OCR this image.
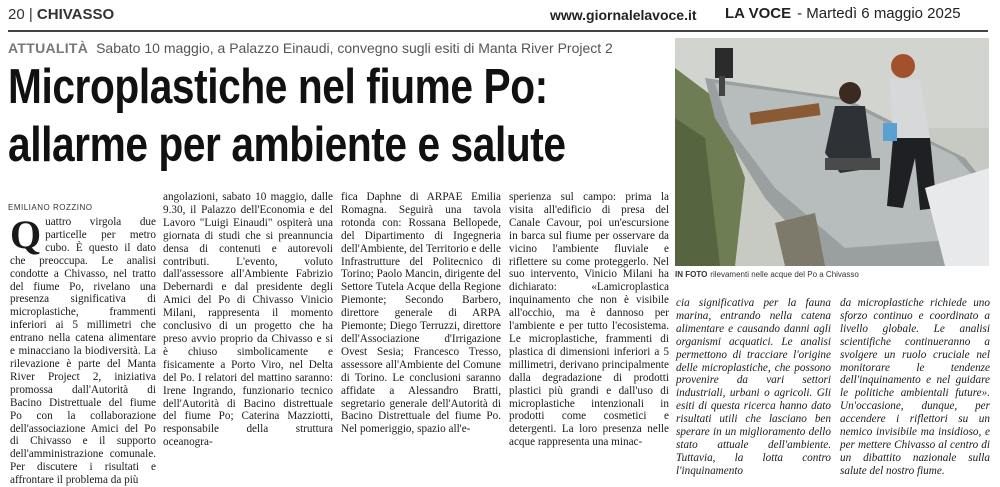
20 | CHIVASSO	www.giornalelavoce.it LA VOCE - Martedì 6 maggio 2025
ATTUALITÀ Sabato 10 maggio, a Palazzo Einaudi, convegno sugli esiti di Manta River Project 2
Microplastiche nel fiume Po:
allarme per ambiente e salute
EMILIANO ROZZINO
Q uattro virgola due particelle per metro cubo. È questo il dato che preoccupa. Le analisi condotte a Chivasso, nel tratto del fiume Po, rivelano una presenza significativa di microplastiche, frammenti inferiori ai 5 millimetri che entrano nella catena alimentare e minacciano la biodiversità. La rilevazione è parte del Manta River Project 2, iniziativa promossa dall'Autorità di Bacino Distrettuale del fiume Po con la collaborazione dell'associazione Amici del Po di Chivasso e il supporto dell'amministrazione comunale. Per discutere i risultati e affrontare il problema da più

angolazioni, sabato 10 maggio, dalle 9.30, il Palazzo dell'Economia e del Lavoro "Luigi Einaudi" ospiterà una giornata di studi che si preannuncia densa di contenuti e autorevoli contributi. L'evento, voluto dall'assessore all'Ambiente Fabrizio Debernardi e dal presidente degli Amici del Po di Chivasso Vinicio Milani, rappresenta il momento conclusivo di un progetto che ha preso avvio proprio da Chivasso e si è chiuso simbolicamente e fisicamente a Porto Viro, nel Delta del Po. I relatori del mattino saranno: Irene Ingrando, funzionario tecnico dell'Autorità di Bacino distrettuale del fiume Po; Caterina Mazziotti, responsabile della struttura oceanogra-

fica Daphne di ARPAE Emilia Romagna. Seguirà una tavola rotonda con: Rossana Bellopede, del Dipartimento di Ingegneria dell'Ambiente, del Territorio e delle Infrastrutture del Politecnico di Torino; Paolo Mancin, dirigente del Settore Tutela Acque della Regione Piemonte; Secondo Barbero, direttore generale di ARPA Piemonte; Diego Terruzzi, direttore dell'Associazione d'Irrigazione Ovest Sesia; Francesco Tresso, assessore all'Ambiente del Comune di Torino. Le conclusioni saranno affidate a Alessandro Bratti, segretario generale dell'Autorità di Bacino Distrettuale del fiume Po. Nel pomeriggio, spazio all'e-

sperienza sul campo: prima la visita all'edificio di presa del Canale Cavour, poi un'escursione in barca sul fiume per osservare da vicino l'ambiente fluviale e riflettere su come proteggerlo. Nel suo intervento, Vinicio Milani ha dichiarato: «Lamicroplastica inquinamento che non è visibile all'occhio, ma è dannoso per l'ambiente e per tutto l'ecosistema. Le microplastiche, frammenti di plastica di dimensioni inferiori a 5 millimetri, derivano principalmente dalla degradazione di prodotti plastici più grandi e dall'uso di microplastiche intenzionali in prodotti come cosmetici e detergenti. La loro presenza nelle acque rappresenta una minac-

cia significativa per la fauna marina, entrando nella catena alimentare e causando danni agli organismi acquatici. Le analisi permettono di tracciare l'origine delle microplastiche, che possono provenire da vari settori industriali, urbani o agricoli. Gli esiti di questa ricerca hanno dato risultati utili che lasciano ben sperare in un miglioramento dello stato attuale dell'ambiente. Tuttavia, la lotta contro l'inquinamento

da microplastiche richiede uno sforzo continuo e coordinato a livello globale. Le analisi scientifiche continueranno a svolgere un ruolo cruciale nel monitorare le tendenze dell'inquinamento e nel guidare le politiche ambientali future». Un'occasione, dunque, per accendere i riflettori su un nemico invisibile ma insidioso, e per mettere Chivasso al centro di un dibattito nazionale sulla salute del nostro fiume.

IN FOTO rilevamenti nelle acque del Po a Chivasso
